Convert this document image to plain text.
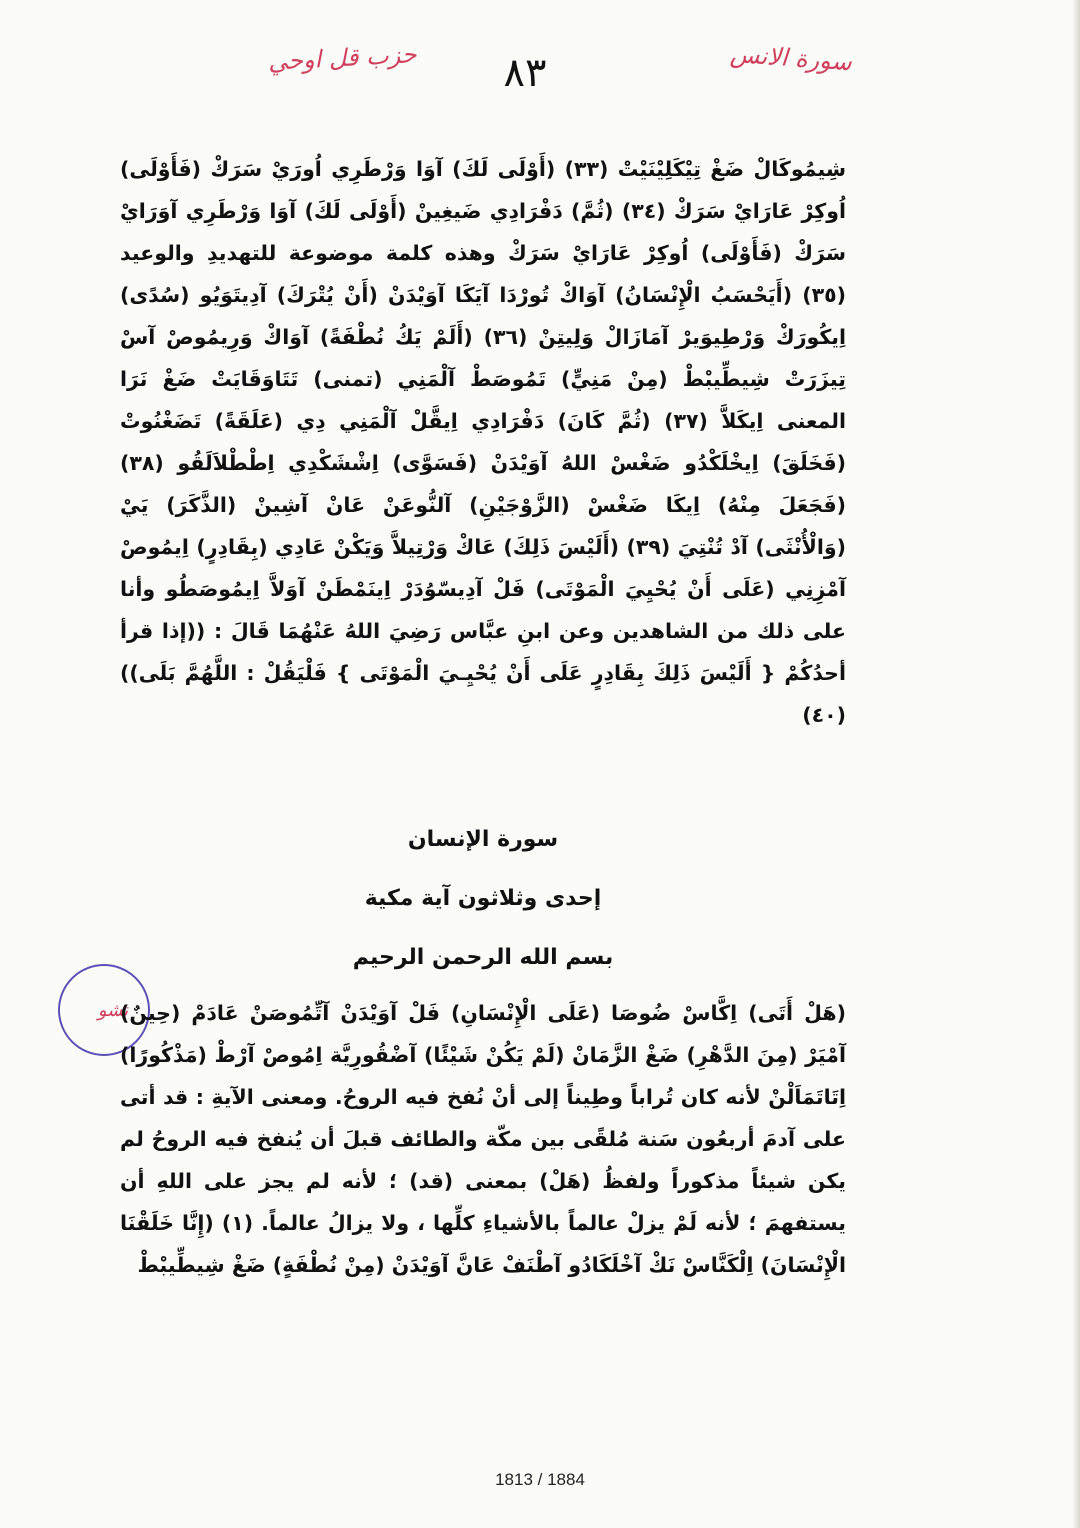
حزب قل اوحي	٨٣	سورة الانس

شِيمُوكَالْ ضَغْ تِيْكَلِيْنَيْتْ (٣٣) (أَوْلَى لَكَ) آوَا وَرْطَرِي اُورَيْ سَرَكْ (فَأَوْلَى) اُوكِرْ عَارَايْ سَرَكْ (٣٤) (ثُمَّ) دَفْرَادِي ضَيغِينْ (أَوْلَى لَكَ) آوَا وَرْطَرِي آوَرَايْ سَرَكْ (فَأَوْلَى) اُوكِرْ عَارَايْ سَرَكْ وهذه كلمة موضوعة للتهديدِ والوعيد (٣٥) (أَيَحْسَبُ الْإِنْسَانُ) آوَاكْ تُورْدَا آيَكَا آوَيْدَنْ (أَنْ يُتْرَكَ) آدِيتَوَيُو (سُدًى) اِيكُورَكْ وَرْطِيوَيرْ آمَازَالْ وَلِيتِنْ (٣٦) (أَلَمْ يَكُ نُطْفَةً) آوَاكْ وَرِيمُوصْ آسْ تِيزَرَتْ شِيطِّيبْطْ (مِنْ مَنِيٍّ) تَمُوصَطْ آلْمَنِي (تمنى) تَتَاوَقَايَتْ ضَغْ نَرَا المعنى اِيكَلاَّ (٣٧) (ثُمَّ كَانَ) دَفْرَادِي اِيقَّلْ آلْمَنِي دِي (عَلَقَةً) تَضَغْنُوتْ (فَخَلَقَ) اِيخْلَكْدُو ضَغْسْ اللهُ آوَيْدَنْ (فَسَوَّى) اِشْشَكْدِي اِطْطْلاَلَقُو (٣٨) (فَجَعَلَ مِنْهُ) اِيكَا ضَغْسْ (الزَّوْجَيْنِ) آلنُّوعَنْ عَانْ آشِينْ (الذَّكَرَ) يَيْ (وَالْأُنْثَى) آدْ تُنْتِيَ (٣٩) (أَلَيْسَ ذَلِكَ) عَاكْ وَرْتِيلاَّ وَيَكْنْ عَادِي (بِقَادِرٍ) اِيمُوصْ آمْزِنِي (عَلَى أَنْ يُحْيِيَ الْمَوْتَى) فَلْ آدِيسّوُدَرْ اِينَمْطَنْ آوَلاَّ اِيمُوصَطُو وأنا على ذلك من الشاهدين وعن ابنِ عبَّاس رَضِيَ اللهُ عَنْهُمَا قَالَ : ((إذا قرأ أحدُكُمْ { أَلَيْسَ ذَلِكَ بِقَادِرٍ عَلَى أَنْ يُحْيِـيَ الْمَوْتَى } فَلْيَقُلْ : اللَّهُمَّ بَلَى)) (٤٠)

سورة الإنسان

إحدى وثلاثون آية مكية

بسم الله الرحمن الرحيم

نشو

(هَلْ أَتَى) اِكَّاسْ ضُوصَا (عَلَى الْإِنْسَانِ) فَلْ آوَيْدَنْ آتِّمُوصَنْ عَادَمْ (حِينٌ) آمْيَرْ (مِنَ الدَّهْرِ) ضَغْ الزَّمَانْ (لَمْ يَكُنْ شَيْئًا) آضْقُورِيَّة اِمُوصْ آرْطْ (مَذْكُورًا) اِتَاتَمَاَلْنْ لأنه كان تُراباً وطِيناً إلى أنْ نُفخ فيه الروحُ. ومعنى الآيةِ : قد أتى على آدمَ أربعُون سَنة مُلقًى بين مكّة والطائف قبلَ أن يُنفخ فيه الروحُ لم يكن شيئاً مذكوراً ولفظُ (هَلْ) بمعنى (قد) ؛ لأنه لم يجز على اللهِ أن يستفهمَ ؛ لأنه لَمْ يزلْ عالماً بالأشياءِ كلِّها ، ولا يزالُ عالماً. (١) (إِنَّا خَلَقْنَا الْإِنْسَانَ) اِلْكَنَّاسْ نَكْ آخْلَكَادُو آطْنَفْ عَانَّ آوَيْدَنْ (مِنْ نُطْفَةٍ) ضَغْ شِيطِّيبْطْ

1813 / 1884
